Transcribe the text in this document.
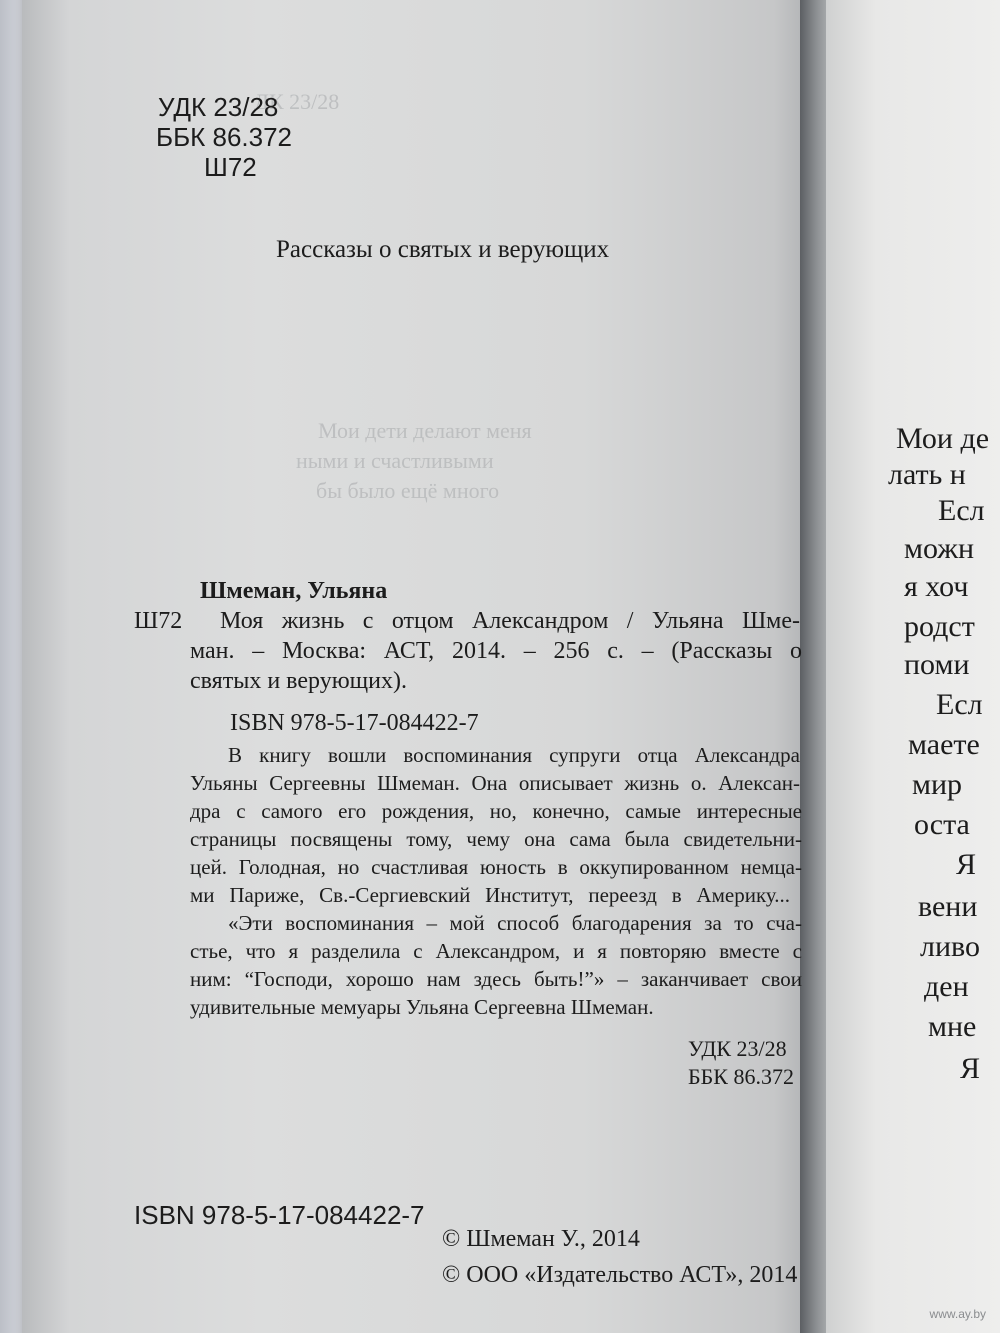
ДК 23/28
Мои дети делают меня
ными и счастливыми
бы было ещё много
УДК 23/28
ББК 86.372
Ш72
Рассказы о святых и верующих
Шмеман, Ульяна
Ш72 Моя жизнь с отцом Александром / Ульяна Шме-
ман. – Москва: АСТ, 2014. – 256 с. – (Рассказы о
святых и верующих).
ISBN 978-5-17-084422-7
В книгу вошли воспоминания супруги отца Александра
Ульяны Сергеевны Шмеман. Она описывает жизнь о. Алексан-
дра с самого его рождения, но, конечно, самые интересные
страницы посвящены тому, чему она сама была свидетельни-
цей. Голодная, но счастливая юность в оккупированном немца-
ми Париже, Св.-Сергиевский Институт, переезд в Америку...
«Эти воспоминания – мой способ благодарения за то сча-
стье, что я разделила с Александром, и я повторяю вместе с
ним: “Господи, хорошо нам здесь быть!”» – заканчивает свои
удивительные мемуары Ульяна Сергеевна Шмеман.
УДК 23/28
ББК 86.372
ISBN 978-5-17-084422-7
© Шмеман У., 2014
© ООО «Издательство АСТ», 2014
Мои де
лать н
Есл
можн
я хоч
родст
поми
Есл
маете
мир
оста
Я
вени
ливо
ден
мне
Я
www.ay.by
